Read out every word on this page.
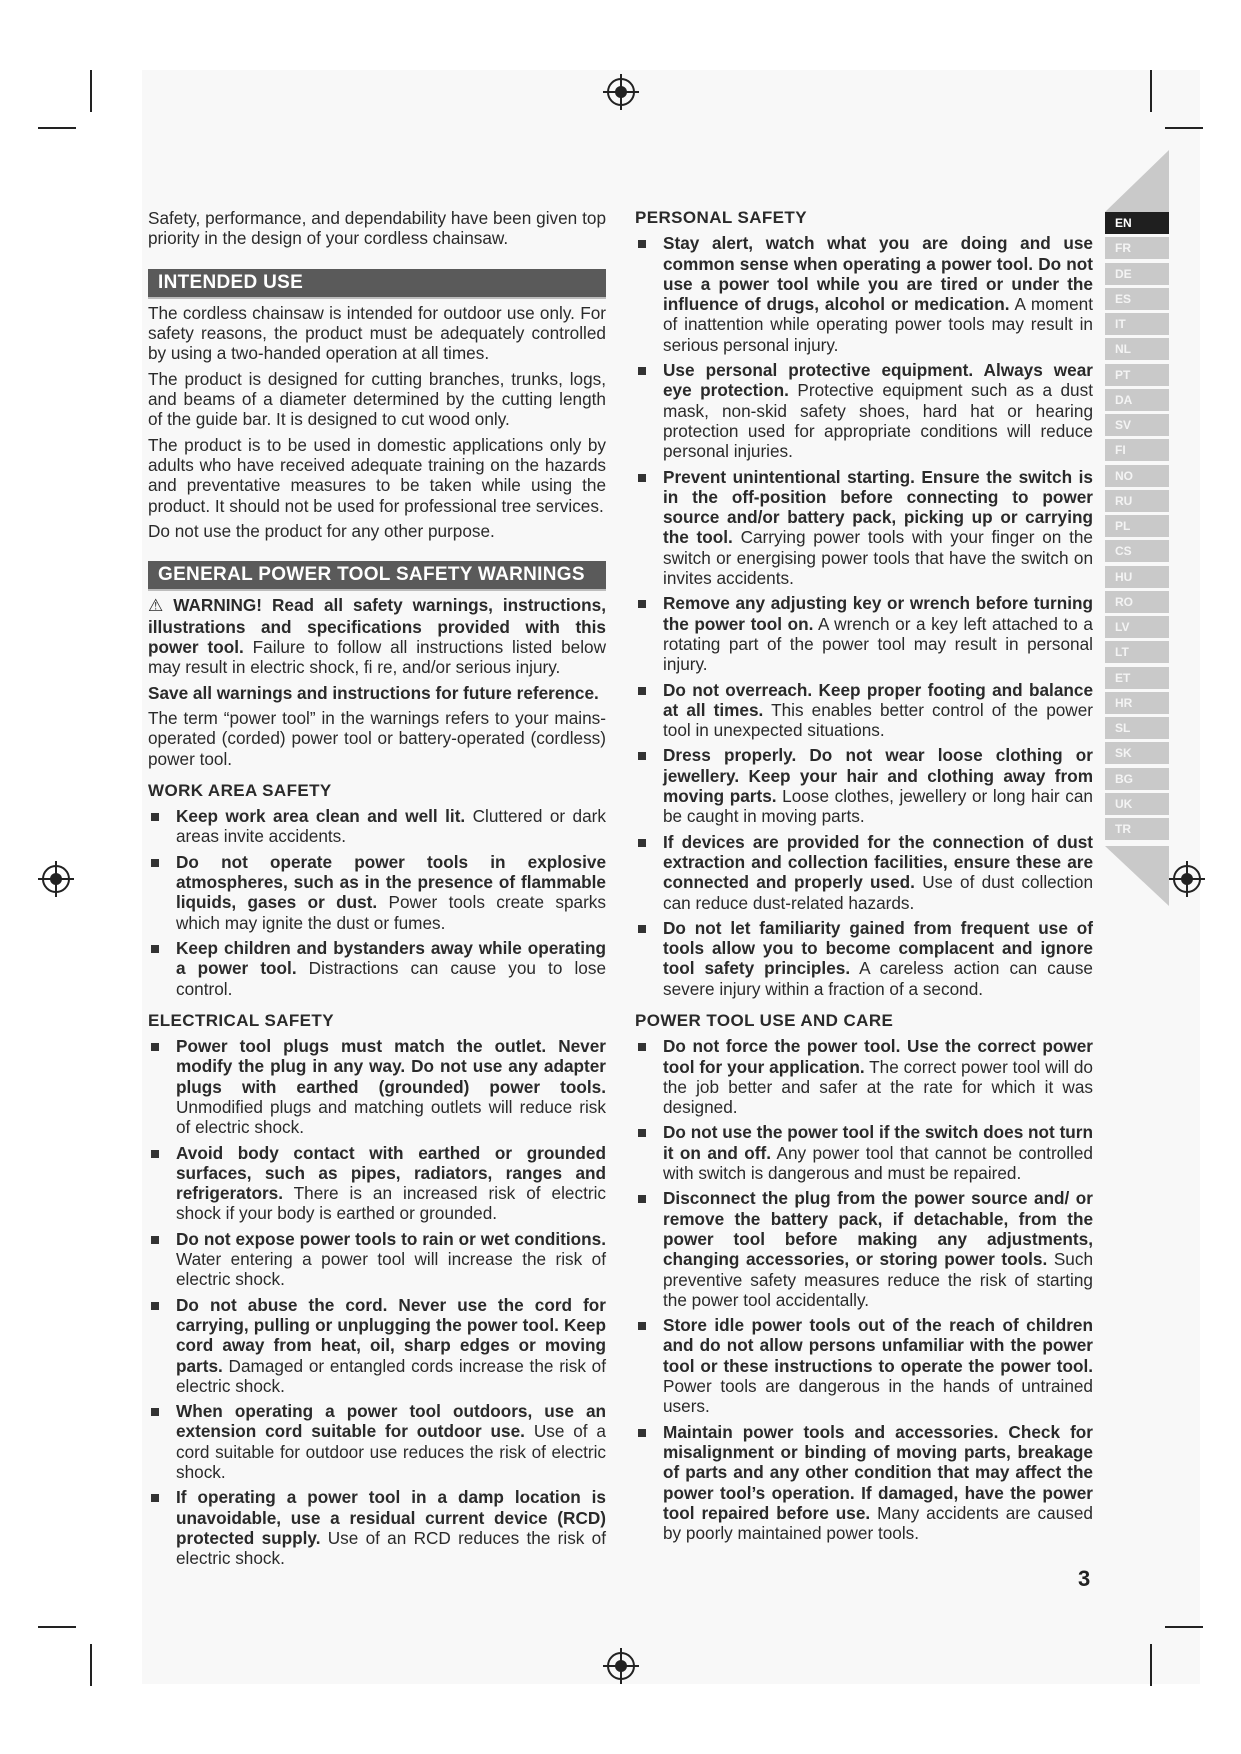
Safety, performance, and dependability have been given top priority in the design of your cordless chainsaw.

INTENDED USE

The cordless chainsaw is intended for outdoor use only. For safety reasons, the product must be adequately controlled by using a two-handed operation at all times.

The product is designed for cutting branches, trunks, logs, and beams of a diameter determined by the cutting length of the guide bar. It is designed to cut wood only.

The product is to be used in domestic applications only by adults who have received adequate training on the hazards and preventative measures to be taken while using the product. It should not be used for professional tree services.

Do not use the product for any other purpose.

GENERAL POWER TOOL SAFETY WARNINGS

⚠ WARNING! Read all safety warnings, instructions, illustrations and specifications provided with this power tool. Failure to follow all instructions listed below may result in electric shock, fi re, and/or serious injury.

Save all warnings and instructions for future reference.

The term “power tool” in the warnings refers to your mains-operated (corded) power tool or battery-operated (cordless) power tool.

WORK AREA SAFETY
Keep work area clean and well lit. Cluttered or dark areas invite accidents.
Do not operate power tools in explosive atmospheres, such as in the presence of flammable liquids, gases or dust. Power tools create sparks which may ignite the dust or fumes.
Keep children and bystanders away while operating a power tool. Distractions can cause you to lose control.
ELECTRICAL SAFETY
Power tool plugs must match the outlet. Never modify the plug in any way. Do not use any adapter plugs with earthed (grounded) power tools. Unmodified plugs and matching outlets will reduce risk of electric shock.
Avoid body contact with earthed or grounded surfaces, such as pipes, radiators, ranges and refrigerators. There is an increased risk of electric shock if your body is earthed or grounded.
Do not expose power tools to rain or wet conditions. Water entering a power tool will increase the risk of electric shock.
Do not abuse the cord. Never use the cord for carrying, pulling or unplugging the power tool. Keep cord away from heat, oil, sharp edges or moving parts. Damaged or entangled cords increase the risk of electric shock.
When operating a power tool outdoors, use an extension cord suitable for outdoor use. Use of a cord suitable for outdoor use reduces the risk of electric shock.
If operating a power tool in a damp location is unavoidable, use a residual current device (RCD) protected supply. Use of an RCD reduces the risk of electric shock.
PERSONAL SAFETY
Stay alert, watch what you are doing and use common sense when operating a power tool. Do not use a power tool while you are tired or under the influence of drugs, alcohol or medication. A moment of inattention while operating power tools may result in serious personal injury.
Use personal protective equipment. Always wear eye protection. Protective equipment such as a dust mask, non-skid safety shoes, hard hat or hearing protection used for appropriate conditions will reduce personal injuries.
Prevent unintentional starting. Ensure the switch is in the off-position before connecting to power source and/or battery pack, picking up or carrying the tool. Carrying power tools with your finger on the switch or energising power tools that have the switch on invites accidents.
Remove any adjusting key or wrench before turning the power tool on. A wrench or a key left attached to a rotating part of the power tool may result in personal injury.
Do not overreach. Keep proper footing and balance at all times. This enables better control of the power tool in unexpected situations.
Dress properly. Do not wear loose clothing or jewellery. Keep your hair and clothing away from moving parts. Loose clothes, jewellery or long hair can be caught in moving parts.
If devices are provided for the connection of dust extraction and collection facilities, ensure these are connected and properly used. Use of dust collection can reduce dust-related hazards.
Do not let familiarity gained from frequent use of tools allow you to become complacent and ignore tool safety principles. A careless action can cause severe injury within a fraction of a second.
POWER TOOL USE AND CARE
Do not force the power tool. Use the correct power tool for your application. The correct power tool will do the job better and safer at the rate for which it was designed.
Do not use the power tool if the switch does not turn it on and off. Any power tool that cannot be controlled with switch is dangerous and must be repaired.
Disconnect the plug from the power source and/ or remove the battery pack, if detachable, from the power tool before making any adjustments, changing accessories, or storing power tools. Such preventive safety measures reduce the risk of starting the power tool accidentally.
Store idle power tools out of the reach of children and do not allow persons unfamiliar with the power tool or these instructions to operate the power tool. Power tools are dangerous in the hands of untrained users.
Maintain power tools and accessories. Check for misalignment or binding of moving parts, breakage of parts and any other condition that may affect the power tool’s operation. If damaged, have the power tool repaired before use. Many accidents are caused by poorly maintained power tools.
EN
FR
DE
ES
IT
NL
PT
DA
SV
FI
NO
RU
PL
CS
HU
RO
LV
LT
ET
HR
SL
SK
BG
UK
TR
3
